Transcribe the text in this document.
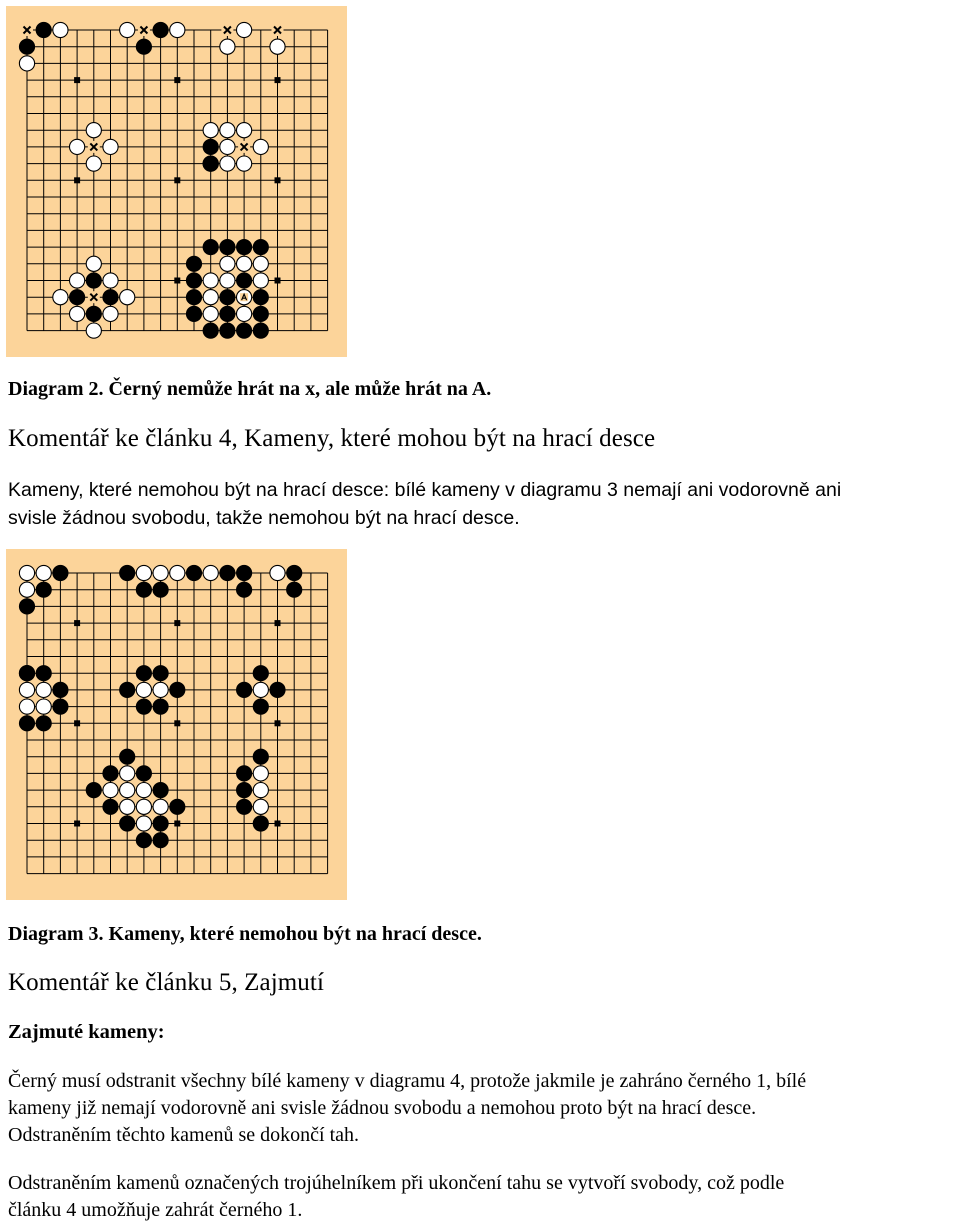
Diagram 2. Černý nemůže hrát na x, ale může hrát na A.

Komentář ke článku 4, Kameny, které mohou být na hrací desce

Kameny, které nemohou být na hrací desce: bílé kameny v diagramu 3 nemají ani vodorovně ani

svisle žádnou svobodu, takže nemohou být na hrací desce.

Diagram 3. Kameny, které nemohou být na hrací desce.

Komentář ke článku 5, Zajmutí

Zajmuté kameny:

Černý musí odstranit všechny bílé kameny v diagramu 4, protože jakmile je zahráno černého 1, bílé

kameny již nemají vodorovně ani svisle žádnou svobodu a nemohou proto být na hrací desce.

Odstraněním těchto kamenů se dokončí tah.

Odstraněním kamenů označených trojúhelníkem při ukončení tahu se vytvoří svobody, což podle

článku 4 umožňuje zahrát černého 1.
